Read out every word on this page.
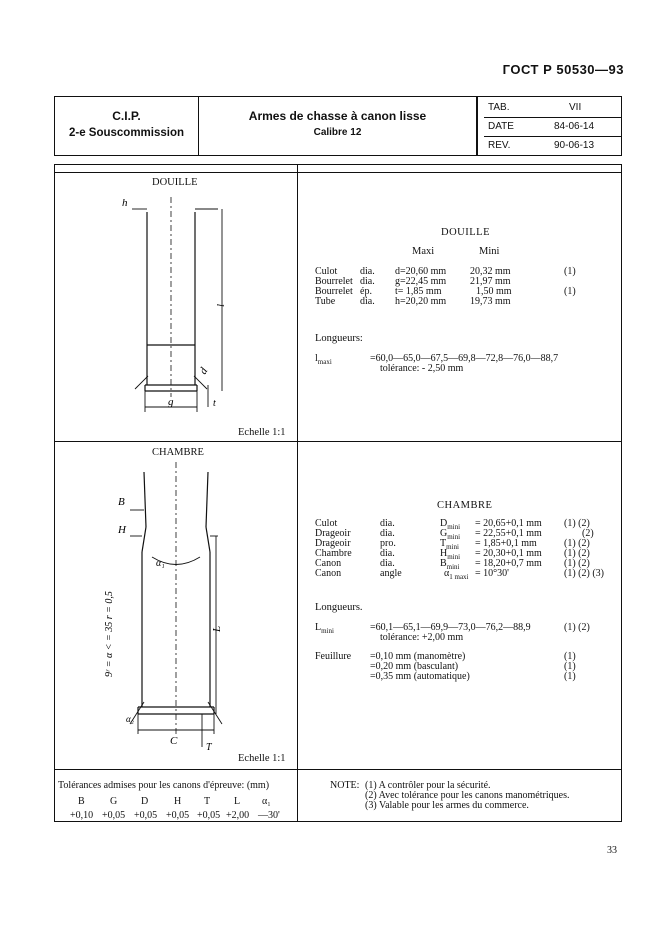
ГОСТ Р 50530—93
C.I.P.
2-e Souscommission
Armes de chasse à canon lisse
Calibre 12
TAB.	VII
DATE	84-06-14
REV.	90-06-13
DOUILLE
h
l
d
g	t
Echelle 1:1
DOUILLE
Maxi	Mini
Culot dia. d=20,60 mm 20,32 mm	(1)
Bourrelet dia. g=22,45 mm 21,97 mm
Bourrelet ép. t= 1,85 mm	1,50 mm	(1)
Tube dia. h=20,20 mm 19,73 mm
Longueurs:
$l_{maxi}$	=60,0—65,0—67,5—69,8—72,8—76,0—88,7
tolérance: - 2,50 mm
CHAMBRE
B
H
α₁
L
9ʳ = α < = 35 r = 0,5
α₂
C
T
Echelle 1:1
CHAMBRE
Culot	dia.	$D_{mini} = 20,65+0,1$ mm (1) (2)
Drageoir	dia.	$G_{mini} = 22,55+0,1$ mm	(2)
Drageoir	pro.	$T_{mini} = 1,85+0,1$ mm	(1) (2)
Chambre	dia.	$H_{mini} = 20,30+0,1$ mm (1) (2)
Canon	dia.	$B_{mini} = 18,20+0,7$ mm (1) (2)
Canon	angle	$\alpha_{1 maxi} = 10^\circ 30'$	(1) (2) (3)
Longueurs.
$L_{mini}$	=60,1—65,1—69,9—73,0—76,2—88,9	(1) (2)
tolérance: +2,00 mm
Feuillure =0,10 mm (manomètre)	(1)
=0,20 mm (basculant)	(1)
=0,35 mm (automatique)	(1)
Tolérances admises pour les canons d'épreuve: (mm)
B	G D	H T L α₁
+0,10 +0,05 +0,05 +0,05 +0,05 +2,00 —30'
NOTE: (1) A contrôler pour la sécurité.
(2) Avec tolérance pour les canons manométriques.
(3) Valable pour les armes du commerce.
33
